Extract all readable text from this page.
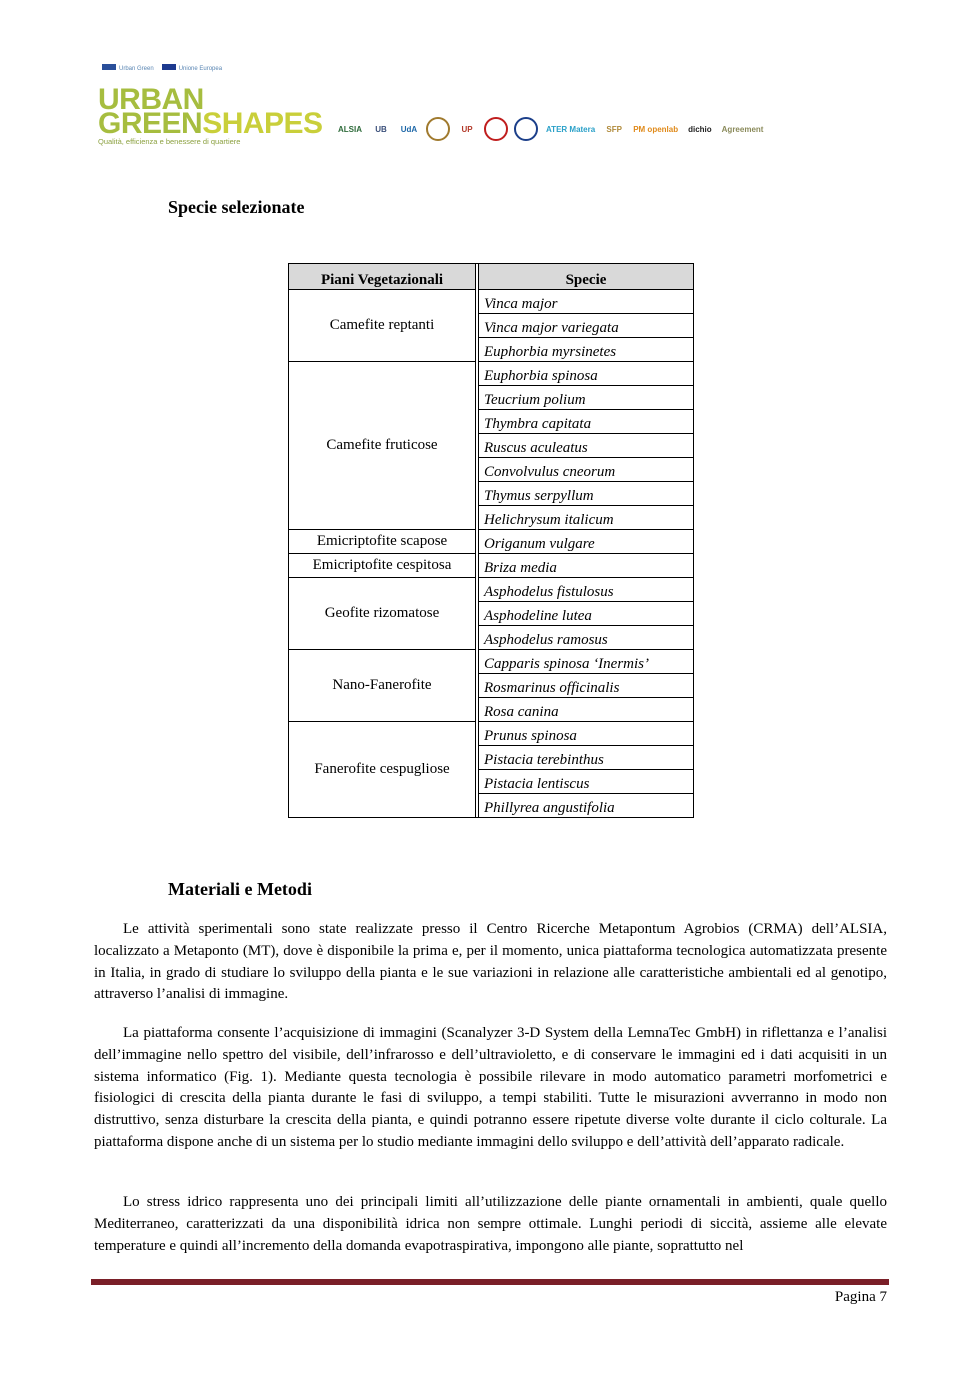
Urban Green	Unione Europea
URBAN
GREENSHAPES
Qualità, efficienza e benessere di quartiere
ALSIA	UB	UdA	UP	ATER Matera	SFP	PM openlab dichio Agreement
Specie selezionate
Piani Vegetazionali		Specie
Camefite reptanti		Vinca major
		Vinca major variegata
		Euphorbia myrsinetes
Camefite fruticose		Euphorbia spinosa
		Teucrium polium
		Thymbra capitata
		Ruscus aculeatus
		Convolvulus cneorum
		Thymus serpyllum
		Helichrysum italicum
Emicriptofite scapose		Origanum vulgare
Emicriptofite cespitosa		Briza media
Geofite rizomatose		Asphodelus fistulosus
		Asphodeline lutea
		Asphodelus ramosus
Nano-Fanerofite		Capparis spinosa ‘Inermis’
		Rosmarinus officinalis
		Rosa canina
Fanerofite cespugliose		Prunus spinosa
		Pistacia terebinthus
		Pistacia lentiscus
		Phillyrea angustifolia
Materiali e Metodi
Le attività sperimentali sono state realizzate presso il Centro Ricerche Metapontum Agrobios (CRMA) dell’ALSIA, localizzato a Metaponto (MT), dove è disponibile la prima e, per il momento, unica piattaforma tecnologica automatizzata presente in Italia, in grado di studiare lo sviluppo della pianta e le sue variazioni in relazione alle caratteristiche ambientali ed al genotipo, attraverso l’analisi di immagine.
La piattaforma consente l’acquisizione di immagini (Scanalyzer 3-D System della LemnaTec GmbH) in riflettanza e l’analisi dell’immagine nello spettro del visibile, dell’infrarosso e dell’ultravioletto, e di conservare le immagini ed i dati acquisiti in un sistema informatico (Fig. 1). Mediante questa tecnologia è possibile rilevare in modo automatico parametri morfometrici e fisiologici di crescita della pianta durante le fasi di sviluppo, a tempi stabiliti. Tutte le misurazioni avverranno in modo non distruttivo, senza disturbare la crescita della pianta, e quindi potranno essere ripetute diverse volte durante il ciclo colturale. La piattaforma dispone anche di un sistema per lo studio mediante immagini dello sviluppo e dell’attività dell’apparato radicale.
Lo stress idrico rappresenta uno dei principali limiti all’utilizzazione delle piante ornamentali in ambienti, quale quello Mediterraneo, caratterizzati da una disponibilità idrica non sempre ottimale. Lunghi periodi di siccità, assieme alle elevate temperature e quindi all’incremento della domanda evapotraspirativa, impongono alle piante, soprattutto nel
Pagina 7
